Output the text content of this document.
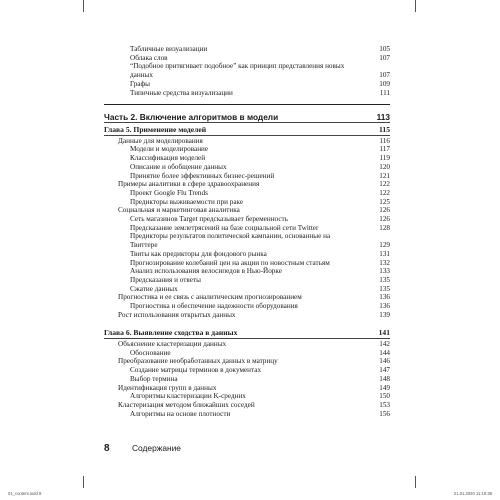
Табличные визуализации	105
Облака слов	107
“Подобное притягивает подобное” как принцип представления новых данных	107
Графы	109
Типичные средства визуализации	111
Часть 2. Включение алгоритмов в модели	113
Глава 5. Применение моделей	115
Данные для моделирования	116
Модели и моделирование	117
Классификация моделей	119
Описание и обобщение данных	120
Принятие более эффективных бизнес-решений	121
Примеры аналитики в сфере здравоохранения	122
Проект Google Flu Trends	122
Предикторы выживаемости при раке	125
Социальная и маркетинговая аналитика	126
Сеть магазинов Target предсказывает беременность	126
Предсказание землетрясений на базе социальной сети Twitter	128
Предикторы результатов политической кампании, основанные на Твиттере	129
Твиты как предикторы для фондового рынка	131
Прогнозирование колебаний цен на акции по новостным статьям	132
Анализ использования велосипедов в Нью-Йорке	133
Предсказания и ответы	135
Сжатие данных	135
Прогностика и ее связь с аналитическим прогнозированием	136
Прогностика и обеспечение надежности оборудования	136
Рост использования открытых данных	139
Глава 6. Выявление сходства в данных	141
Объяснение кластеризации данных	142
Обоснование	144
Преобразование необработанных данных в матрицу	146
Создание матрицы терминов в документах	147
Выбор термина	148
Идентификация групп в данных	149
Алгоритмы кластеризации K-средних	150
Кластеризация методом ближайших соседей	153
Алгоритмы на основе плотности	156
8	Содержание
01_content.indd 8	21.01.2020 11:16:38
